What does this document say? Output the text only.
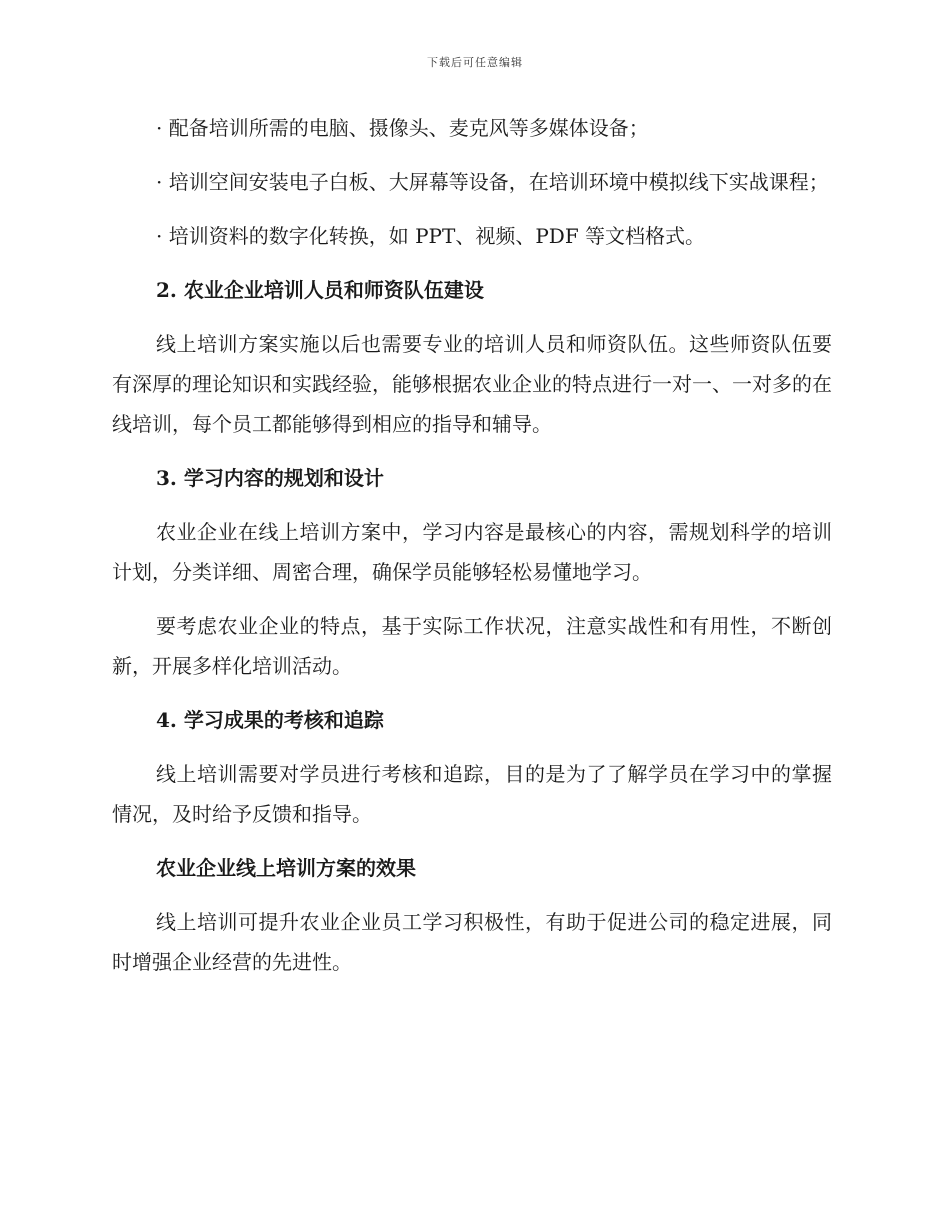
下载后可任意编辑

· 配备培训所需的电脑、摄像头、麦克风等多媒体设备；

· 培训空间安装电子白板、大屏幕等设备，在培训环境中模拟线下实战课程；

· 培训资料的数字化转换，如 PPT、视频、PDF 等文档格式。

2. 农业企业培训人员和师资队伍建设

线上培训方案实施以后也需要专业的培训人员和师资队伍。这些师资队伍要有深厚的理论知识和实践经验，能够根据农业企业的特点进行一对一、一对多的在线培训，每个员工都能够得到相应的指导和辅导。

3. 学习内容的规划和设计

农业企业在线上培训方案中，学习内容是最核心的内容，需规划科学的培训计划，分类详细、周密合理，确保学员能够轻松易懂地学习。

要考虑农业企业的特点，基于实际工作状况，注意实战性和有用性，不断创新，开展多样化培训活动。

4. 学习成果的考核和追踪

线上培训需要对学员进行考核和追踪，目的是为了了解学员在学习中的掌握情况，及时给予反馈和指导。

农业企业线上培训方案的效果

线上培训可提升农业企业员工学习积极性，有助于促进公司的稳定进展，同时增强企业经营的先进性。
